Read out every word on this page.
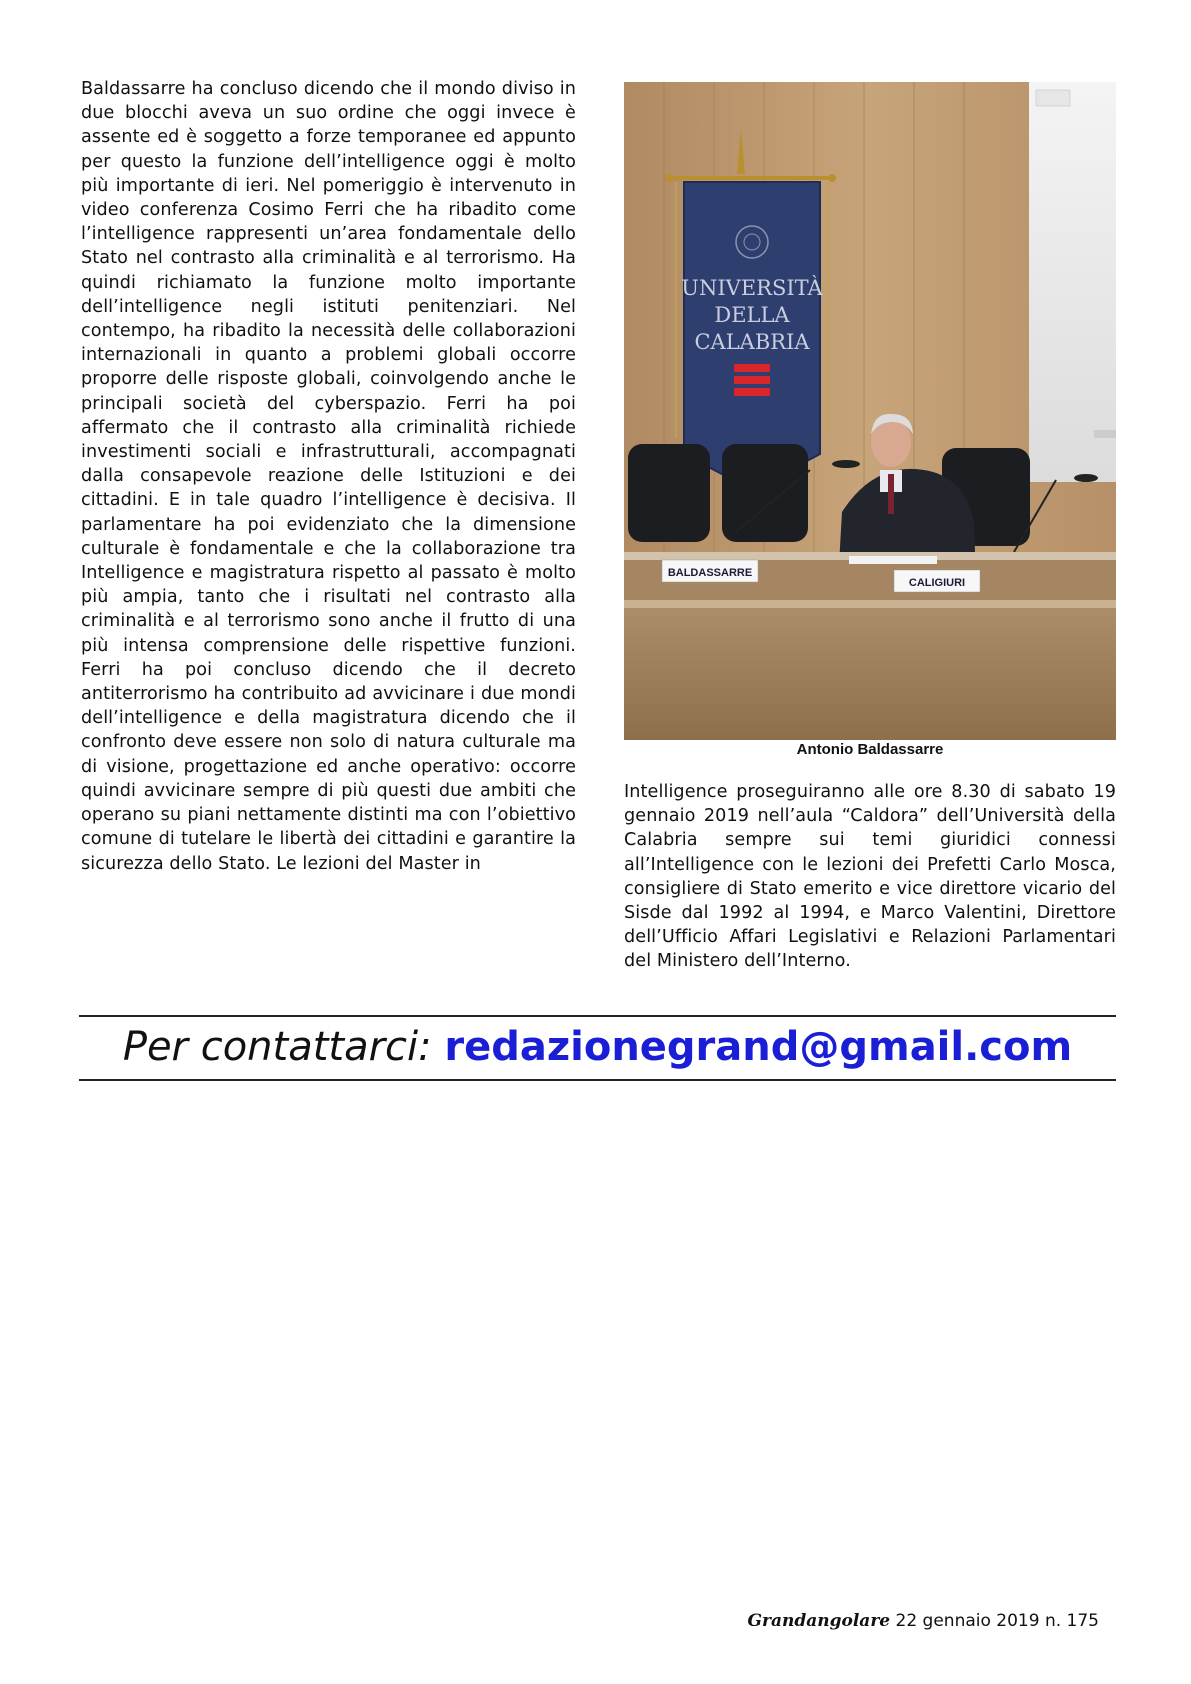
Baldassarre ha concluso dicendo che il mondo diviso in due blocchi aveva un suo ordine che oggi invece è assente ed è soggetto a forze temporanee ed appunto per questo la funzione dell’intelligence oggi è molto più importante di ieri. Nel pomeriggio è intervenuto in video conferenza Cosimo Ferri che ha ribadito come l’intelligence rappresenti un’area fondamentale dello Stato nel contrasto alla criminalità e al terrorismo. Ha quindi richiamato la funzione molto importante dell’intelligence negli istituti penitenziari. Nel contempo, ha ribadito la necessità delle collaborazioni internazionali in quanto a problemi globali occorre proporre delle risposte globali, coinvolgendo anche le principali società del cyberspazio. Ferri ha poi affermato che il contrasto alla criminalità richiede investimenti sociali e infrastrutturali, accompagnati dalla consapevole reazione delle Istituzioni e dei cittadini. E in tale quadro l’intelligence è decisiva. Il parlamentare ha poi evidenziato che la dimensione culturale è fondamentale e che la collaborazione tra Intelligence e magistratura rispetto al passato è molto più ampia, tanto che i risultati nel contrasto alla criminalità e al terrorismo sono anche il frutto di una più intensa comprensione delle rispettive funzioni. Ferri ha poi concluso dicendo che il decreto antiterrorismo ha contribuito ad avvicinare i due mondi dell’intelligence e della magistratura dicendo che il confronto deve essere non solo di natura culturale ma di visione, progettazione ed anche operativo: occorre quindi avvicinare sempre di più questi due ambiti che operano su piani nettamente distinti ma con l’obiettivo comune di tutelare le libertà dei cittadini e garantire la sicurezza dello Stato. Le lezioni del Master in
UNIVERSITÀ
DELLA
CALABRIA
BALDASSARRE
CALIGIURI
Antonio Baldassarre
Intelligence proseguiranno alle ore 8.30 di sabato 19 gennaio 2019 nell’aula “Caldora” dell’Università della Calabria sempre sui temi giuridici connessi all’Intelligence con le lezioni dei Prefetti Carlo Mosca, consigliere di Stato emerito e vice direttore vicario del Sisde dal 1992 al 1994, e Marco Valentini, Direttore dell’Ufficio Affari Legislativi e Relazioni Parlamentari del Ministero dell’Interno.
Per contattarci: redazionegrand@gmail.com
Grandangolare 22 gennaio 2019 n. 175
